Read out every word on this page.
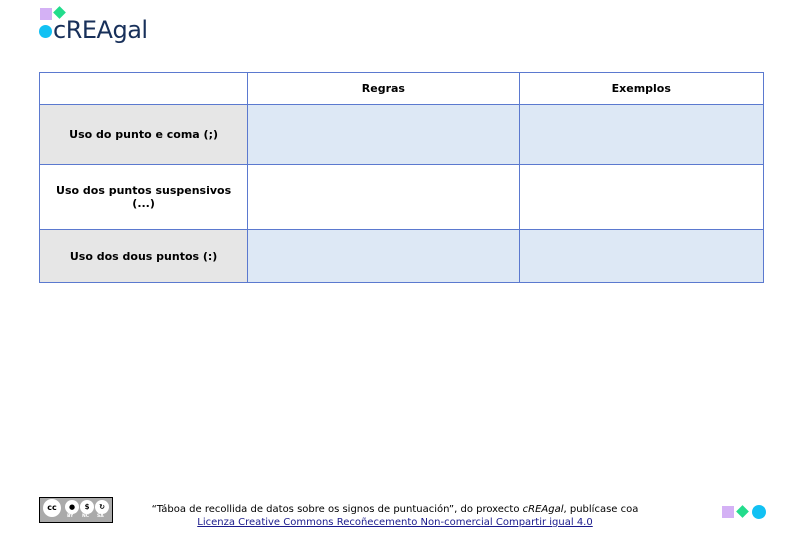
cREAgal
	Regras	Exemplos
Uso do punto e coma (;)		
Uso dos puntos suspensivos (...)		
Uso dos dous puntos (:)		
cc	●	$	↻
BY NC SA
“Táboa de recollida de datos sobre os signos de puntuación”, do proxecto cREAgal, publícase coa
Licenza Creative Commons Recoñecemento Non-comercial Compartir igual 4.0
